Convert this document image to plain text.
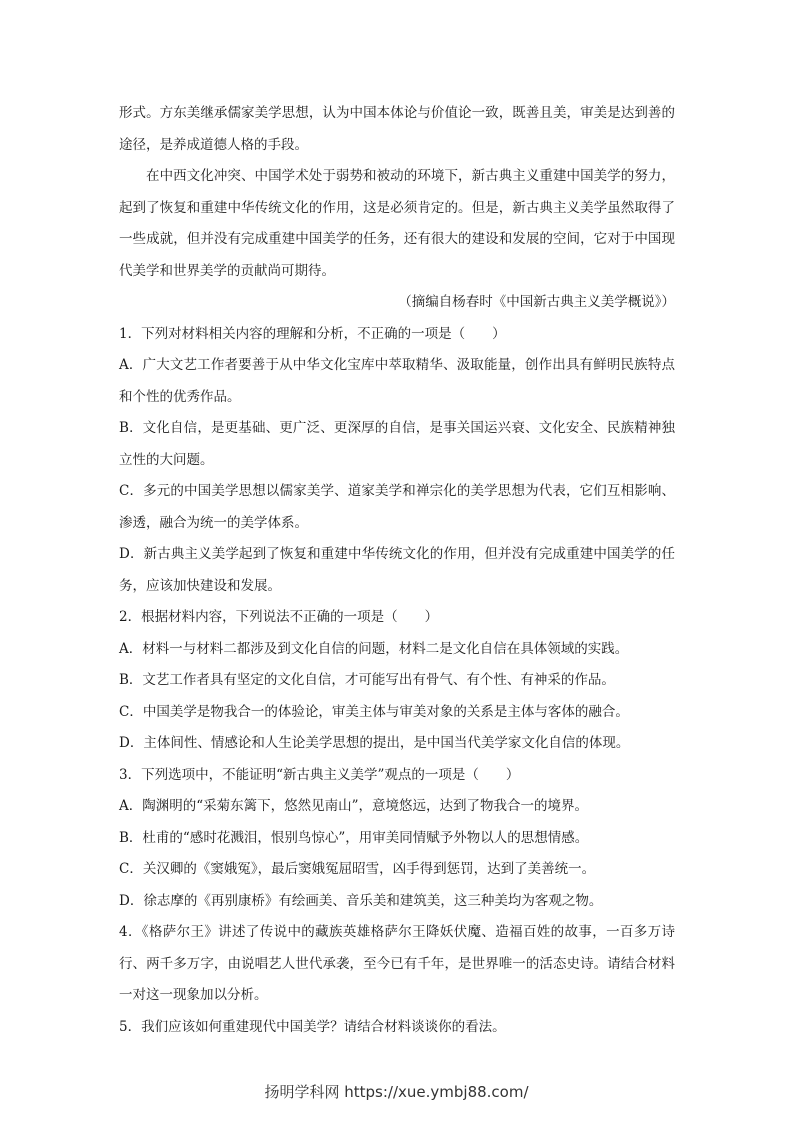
形式。方东美继承儒家美学思想，认为中国本体论与价值论一致，既善且美，审美是达到善的途径，是养成道德人格的手段。

在中西文化冲突、中国学术处于弱势和被动的环境下，新古典主义重建中国美学的努力，起到了恢复和重建中华传统文化的作用，这是必须肯定的。但是，新古典主义美学虽然取得了一些成就，但并没有完成重建中国美学的任务，还有很大的建设和发展的空间，它对于中国现代美学和世界美学的贡献尚可期待。

（摘编自杨春时《中国新古典主义美学概说》）

1．下列对材料相关内容的理解和分析，不正确的一项是（　　）

A．广大文艺工作者要善于从中华文化宝库中萃取精华、汲取能量，创作出具有鲜明民族特点和个性的优秀作品。

B．文化自信，是更基础、更广泛、更深厚的自信，是事关国运兴衰、文化安全、民族精神独立性的大问题。

C．多元的中国美学思想以儒家美学、道家美学和禅宗化的美学思想为代表，它们互相影响、渗透，融合为统一的美学体系。

D．新古典主义美学起到了恢复和重建中华传统文化的作用，但并没有完成重建中国美学的任务，应该加快建设和发展。

2．根据材料内容，下列说法不正确的一项是（　　）

A．材料一与材料二都涉及到文化自信的问题，材料二是文化自信在具体领域的实践。

B．文艺工作者具有坚定的文化自信，才可能写出有骨气、有个性、有神采的作品。

C．中国美学是物我合一的体验论，审美主体与审美对象的关系是主体与客体的融合。

D．主体间性、情感论和人生论美学思想的提出，是中国当代美学家文化自信的体现。

3．下列选项中，不能证明“新古典主义美学”观点的一项是（　　）

A．陶渊明的“采菊东篱下，悠然见南山”，意境悠远，达到了物我合一的境界。

B．杜甫的“感时花溅泪，恨别鸟惊心”，用审美同情赋予外物以人的思想情感。

C．关汉卿的《窦娥冤》，最后窦娥冤屈昭雪，凶手得到惩罚，达到了美善统一。

D．徐志摩的《再别康桥》有绘画美、音乐美和建筑美，这三种美均为客观之物。

4．《格萨尔王》讲述了传说中的藏族英雄格萨尔王降妖伏魔、造福百姓的故事，一百多万诗行、两千多万字，由说唱艺人世代承袭，至今已有千年，是世界唯一的活态史诗。请结合材料一对这一现象加以分析。

5．我们应该如何重建现代中国美学？请结合材料谈谈你的看法。

扬明学科网 https://xue.ymbj88.com/
